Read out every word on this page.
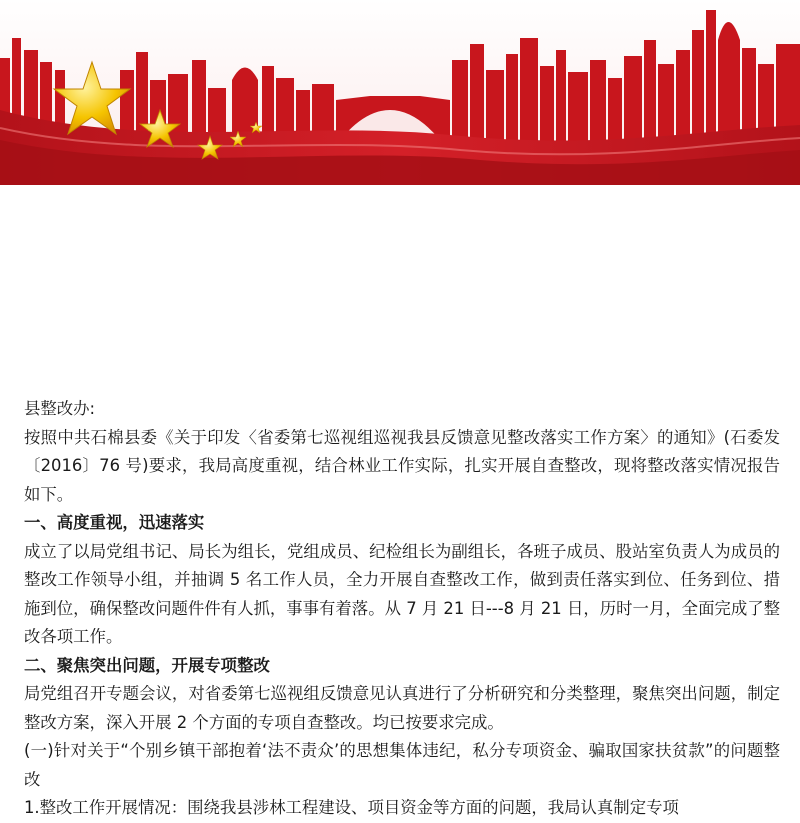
县整改办:

按照中共石棉县委《关于印发〈省委第七巡视组巡视我县反馈意见整改落实工作方案〉的通知》(石委发〔2016〕76 号)要求，我局高度重视，结合林业工作实际，扎实开展自查整改，现将整改落实情况报告如下。

一、高度重视，迅速落实

成立了以局党组书记、局长为组长，党组成员、纪检组长为副组长，各班子成员、股站室负责人为成员的整改工作领导小组，并抽调 5 名工作人员，全力开展自查整改工作，做到责任落实到位、任务到位、措施到位，确保整改问题件件有人抓，事事有着落。从 7 月 21 日---8 月 21 日，历时一月，全面完成了整改各项工作。

二、聚焦突出问题，开展专项整改

局党组召开专题会议，对省委第七巡视组反馈意见认真进行了分析研究和分类整理，聚焦突出问题，制定整改方案，深入开展 2 个方面的专项自查整改。均已按要求完成。

(一)针对关于“个别乡镇干部抱着‘法不责众’的思想集体违纪，私分专项资金、骗取国家扶贫款”的问题整改

1.整改工作开展情况：围绕我县涉林工程建设、项目资金等方面的问题，我局认真制定专项
